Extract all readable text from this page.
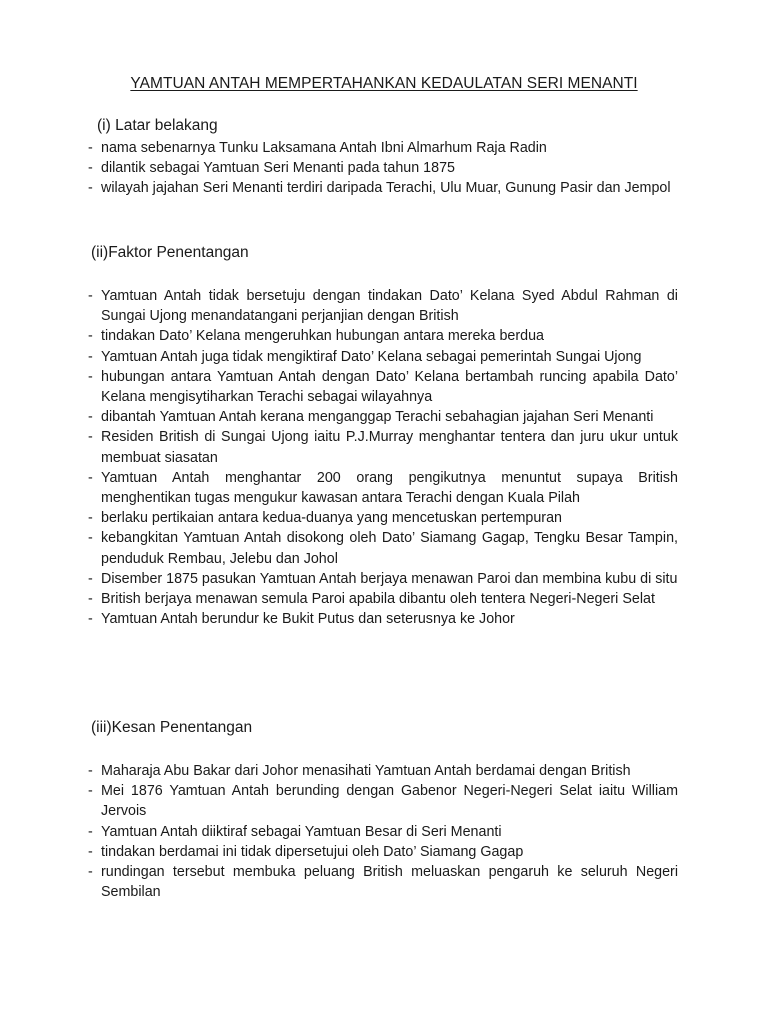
YAMTUAN ANTAH MEMPERTAHANKAN KEDAULATAN SERI MENANTI
(i) Latar belakang
- nama sebenarnya Tunku Laksamana Antah Ibni Almarhum Raja Radin
- dilantik sebagai Yamtuan Seri Menanti pada tahun 1875
- wilayah jajahan Seri Menanti terdiri daripada Terachi, Ulu Muar, Gunung Pasir dan Jempol
(ii)Faktor Penentangan
- Yamtuan Antah tidak bersetuju dengan tindakan Dato’ Kelana Syed Abdul Rahman di Sungai Ujong menandatangani perjanjian dengan British
- tindakan Dato’ Kelana mengeruhkan hubungan antara mereka berdua
- Yamtuan Antah juga tidak mengiktiraf Dato’ Kelana sebagai pemerintah Sungai Ujong
- hubungan antara Yamtuan Antah dengan Dato’ Kelana bertambah runcing apabila Dato’ Kelana mengisytiharkan Terachi sebagai wilayahnya
- dibantah Yamtuan Antah kerana menganggap Terachi sebahagian jajahan Seri Menanti
- Residen British di Sungai Ujong iaitu P.J.Murray menghantar tentera dan juru ukur untuk membuat siasatan
- Yamtuan Antah menghantar 200 orang pengikutnya menuntut supaya British menghentikan tugas mengukur kawasan antara Terachi dengan Kuala Pilah
- berlaku pertikaian antara kedua-duanya yang mencetuskan pertempuran
- kebangkitan Yamtuan Antah disokong oleh Dato’ Siamang Gagap, Tengku Besar Tampin, penduduk Rembau, Jelebu dan Johol
- Disember 1875 pasukan Yamtuan Antah berjaya menawan Paroi dan membina kubu di situ
- British berjaya menawan semula Paroi apabila dibantu oleh tentera Negeri-Negeri Selat
- Yamtuan Antah berundur ke Bukit Putus dan seterusnya ke Johor
(iii)Kesan Penentangan
- Maharaja Abu Bakar dari Johor menasihati Yamtuan Antah berdamai dengan British
- Mei 1876 Yamtuan Antah berunding dengan Gabenor Negeri-Negeri Selat iaitu William Jervois
- Yamtuan Antah diiktiraf sebagai Yamtuan Besar di Seri Menanti
- tindakan berdamai ini tidak dipersetujui oleh Dato’ Siamang Gagap
- rundingan tersebut membuka peluang British meluaskan pengaruh ke seluruh Negeri Sembilan
